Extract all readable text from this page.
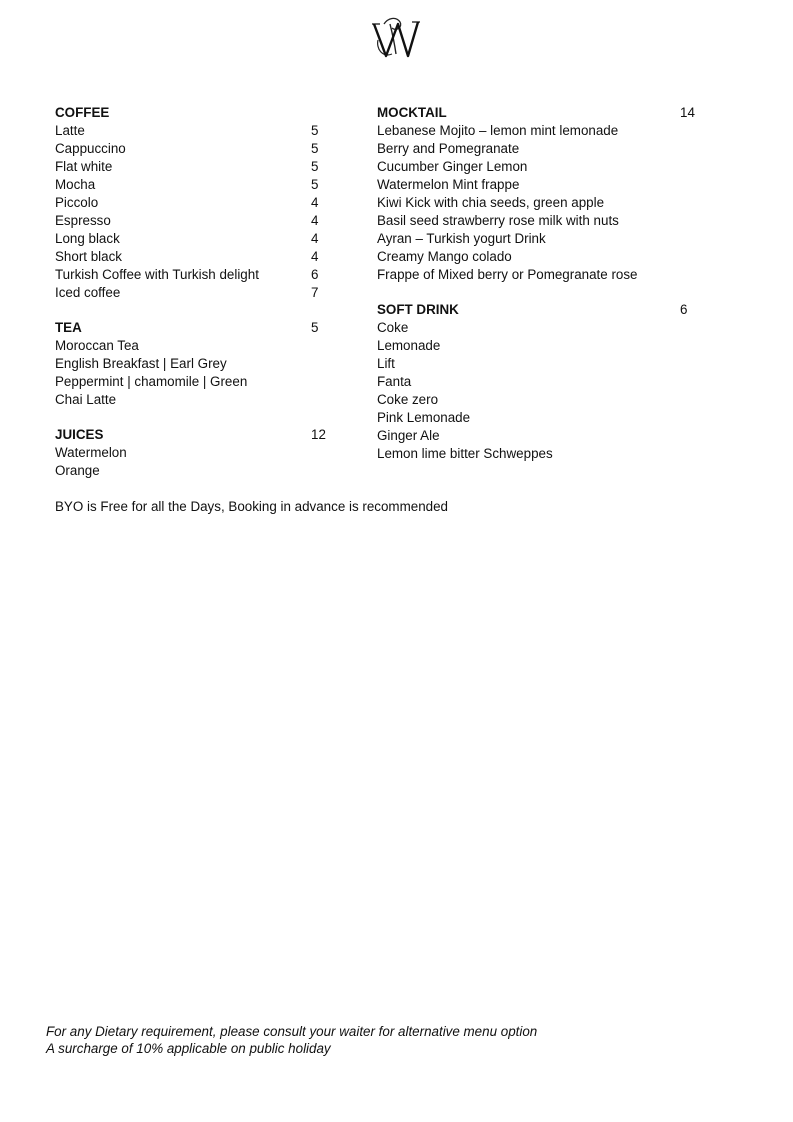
COFFEE
Latte	5
Cappuccino	5
Flat white	5
Mocha	5
Piccolo	4
Espresso	4
Long black	4
Short black	4
Turkish Coffee with Turkish delight	6
Iced coffee	7
TEA	5
Moroccan Tea
English Breakfast | Earl Grey
Peppermint | chamomile | Green
Chai Latte
JUICES	12
Watermelon
Orange
MOCKTAIL	14
Lebanese Mojito – lemon mint lemonade
Berry and Pomegranate
Cucumber Ginger Lemon
Watermelon Mint frappe
Kiwi Kick with chia seeds, green apple
Basil seed strawberry rose milk with nuts
Ayran – Turkish yogurt Drink
Creamy Mango colado
Frappe of Mixed berry or Pomegranate rose
SOFT DRINK	6
Coke
Lemonade
Lift
Fanta
Coke zero
Pink Lemonade
Ginger Ale
Lemon lime bitter Schweppes
BYO is Free for all the Days, Booking in advance is recommended
For any Dietary requirement, please consult your waiter for alternative menu option
A surcharge of 10% applicable on public holiday
